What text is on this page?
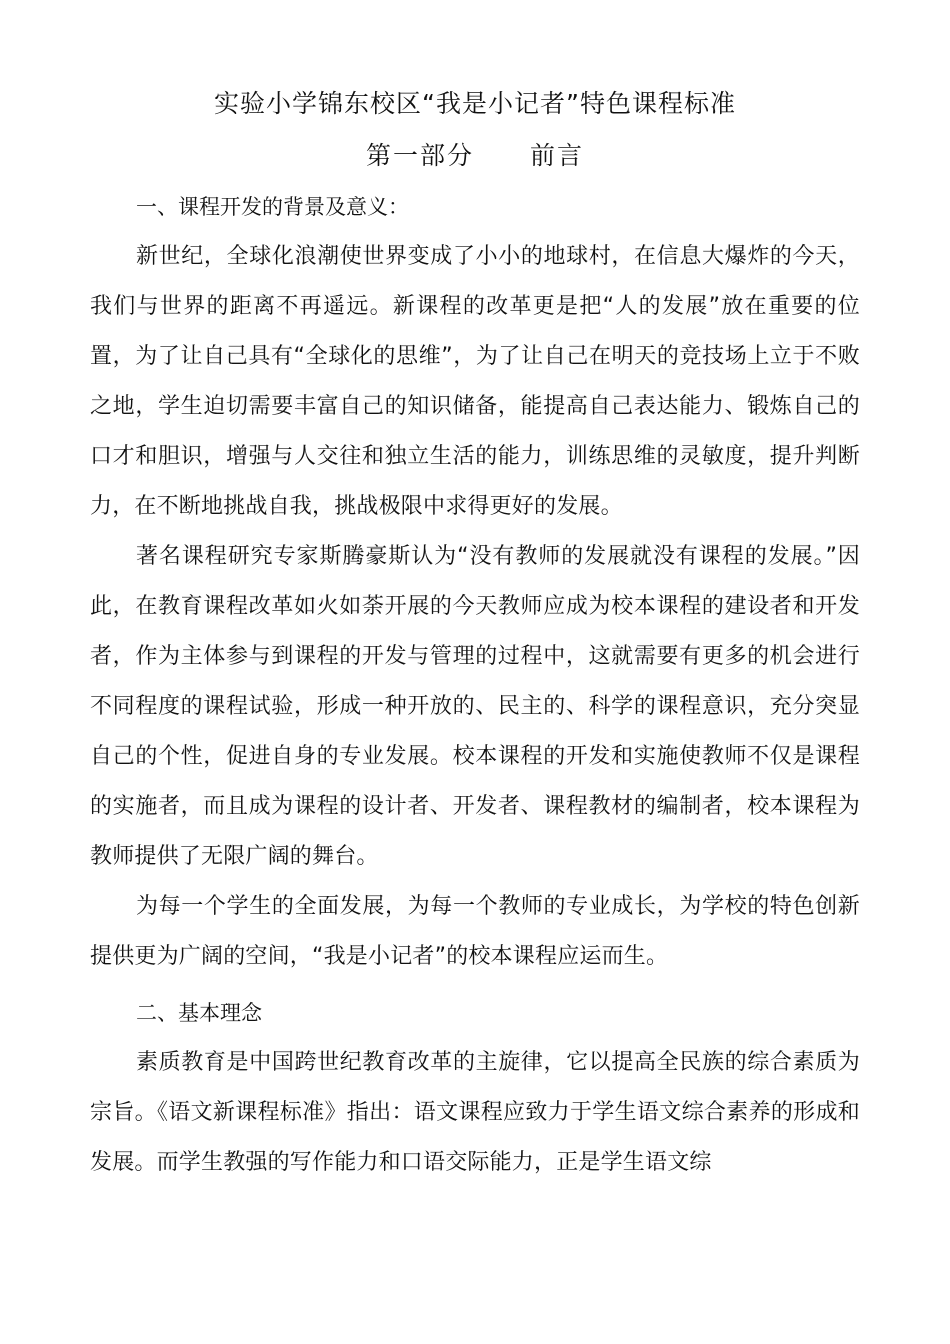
实验小学锦东校区“我是小记者”特色课程标准
第一部分 前言

一、课程开发的背景及意义：

新世纪，全球化浪潮使世界变成了小小的地球村，在信息大爆炸的今天，我们与世界的距离不再遥远。新课程的改革更是把“人的发展”放在重要的位置，为了让自己具有“全球化的思维”，为了让自己在明天的竞技场上立于不败之地，学生迫切需要丰富自己的知识储备，能提高自己表达能力、锻炼自己的口才和胆识，增强与人交往和独立生活的能力，训练思维的灵敏度，提升判断力，在不断地挑战自我，挑战极限中求得更好的发展。

著名课程研究专家斯腾豪斯认为“没有教师的发展就没有课程的发展。”因此，在教育课程改革如火如荼开展的今天教师应成为校本课程的建设者和开发者，作为主体参与到课程的开发与管理的过程中，这就需要有更多的机会进行不同程度的课程试验，形成一种开放的、民主的、科学的课程意识，充分突显自己的个性，促进自身的专业发展。校本课程的开发和实施使教师不仅是课程的实施者，而且成为课程的设计者、开发者、课程教材的编制者，校本课程为教师提供了无限广阔的舞台。

为每一个学生的全面发展，为每一个教师的专业成长，为学校的特色创新提供更为广阔的空间，“我是小记者”的校本课程应运而生。

二、基本理念

素质教育是中国跨世纪教育改革的主旋律，它以提高全民族的综合素质为宗旨。《语文新课程标准》指出：语文课程应致力于学生语文综合素养的形成和发展。而学生教强的写作能力和口语交际能力，正是学生语文综
